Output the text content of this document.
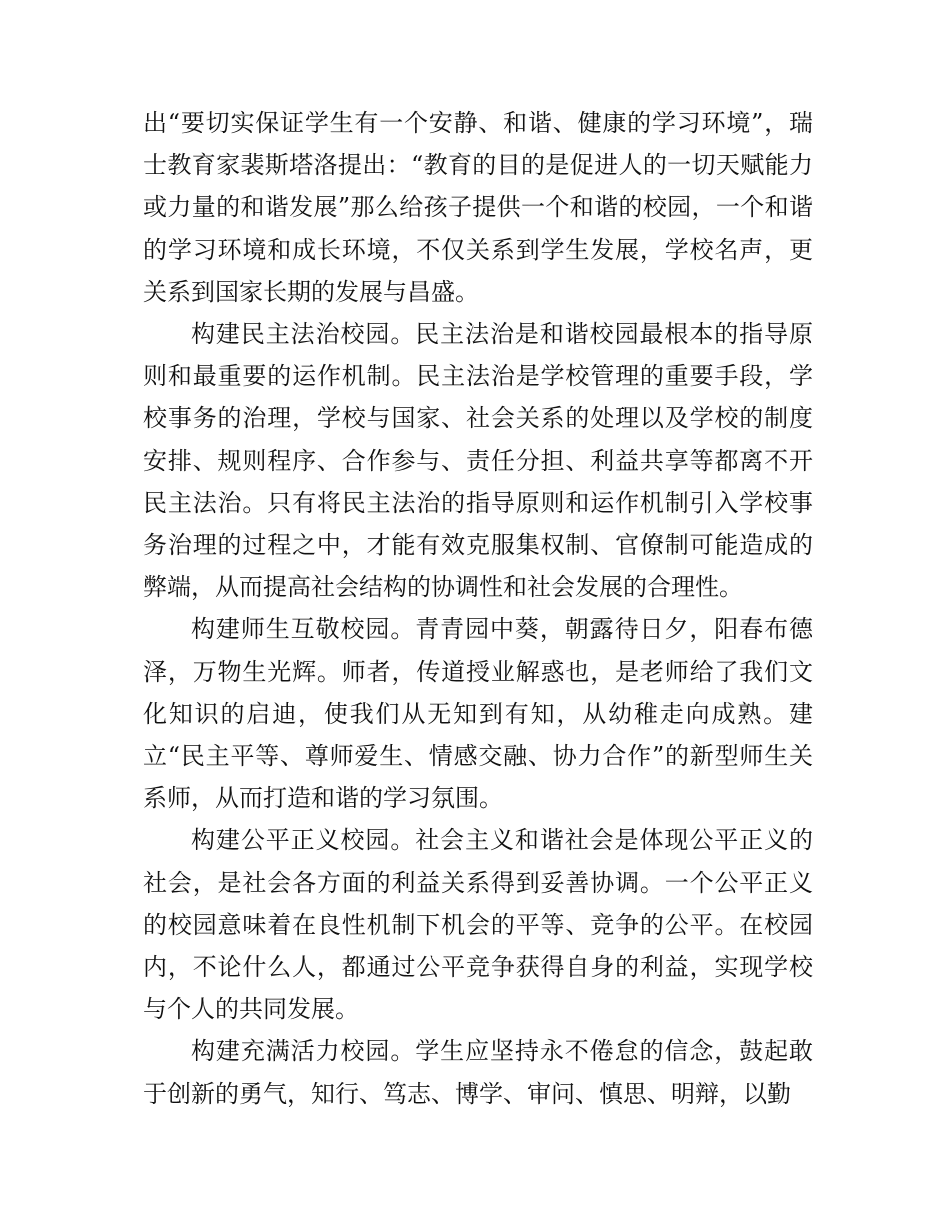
出“要切实保证学生有一个安静、和谐、健康的学习环境”，瑞士教育家裴斯塔洛提出：“教育的目的是促进人的一切天赋能力或力量的和谐发展”那么给孩子提供一个和谐的校园，一个和谐的学习环境和成长环境，不仅关系到学生发展，学校名声，更关系到国家长期的发展与昌盛。

构建民主法治校园。民主法治是和谐校园最根本的指导原则和最重要的运作机制。民主法治是学校管理的重要手段，学校事务的治理，学校与国家、社会关系的处理以及学校的制度安排、规则程序、合作参与、责任分担、利益共享等都离不开民主法治。只有将民主法治的指导原则和运作机制引入学校事务治理的过程之中，才能有效克服集权制、官僚制可能造成的弊端，从而提高社会结构的协调性和社会发展的合理性。

构建师生互敬校园。青青园中葵，朝露待日夕，阳春布德泽，万物生光辉。师者，传道授业解惑也，是老师给了我们文化知识的启迪，使我们从无知到有知，从幼稚走向成熟。建立“民主平等、尊师爱生、情感交融、协力合作”的新型师生关系师，从而打造和谐的学习氛围。

构建公平正义校园。社会主义和谐社会是体现公平正义的社会，是社会各方面的利益关系得到妥善协调。一个公平正义的校园意味着在良性机制下机会的平等、竞争的公平。在校园内，不论什么人，都通过公平竞争获得自身的利益，实现学校与个人的共同发展。

构建充满活力校园。学生应坚持永不倦怠的信念，鼓起敢于创新的勇气，知行、笃志、博学、审问、慎思、明辩，以勤
